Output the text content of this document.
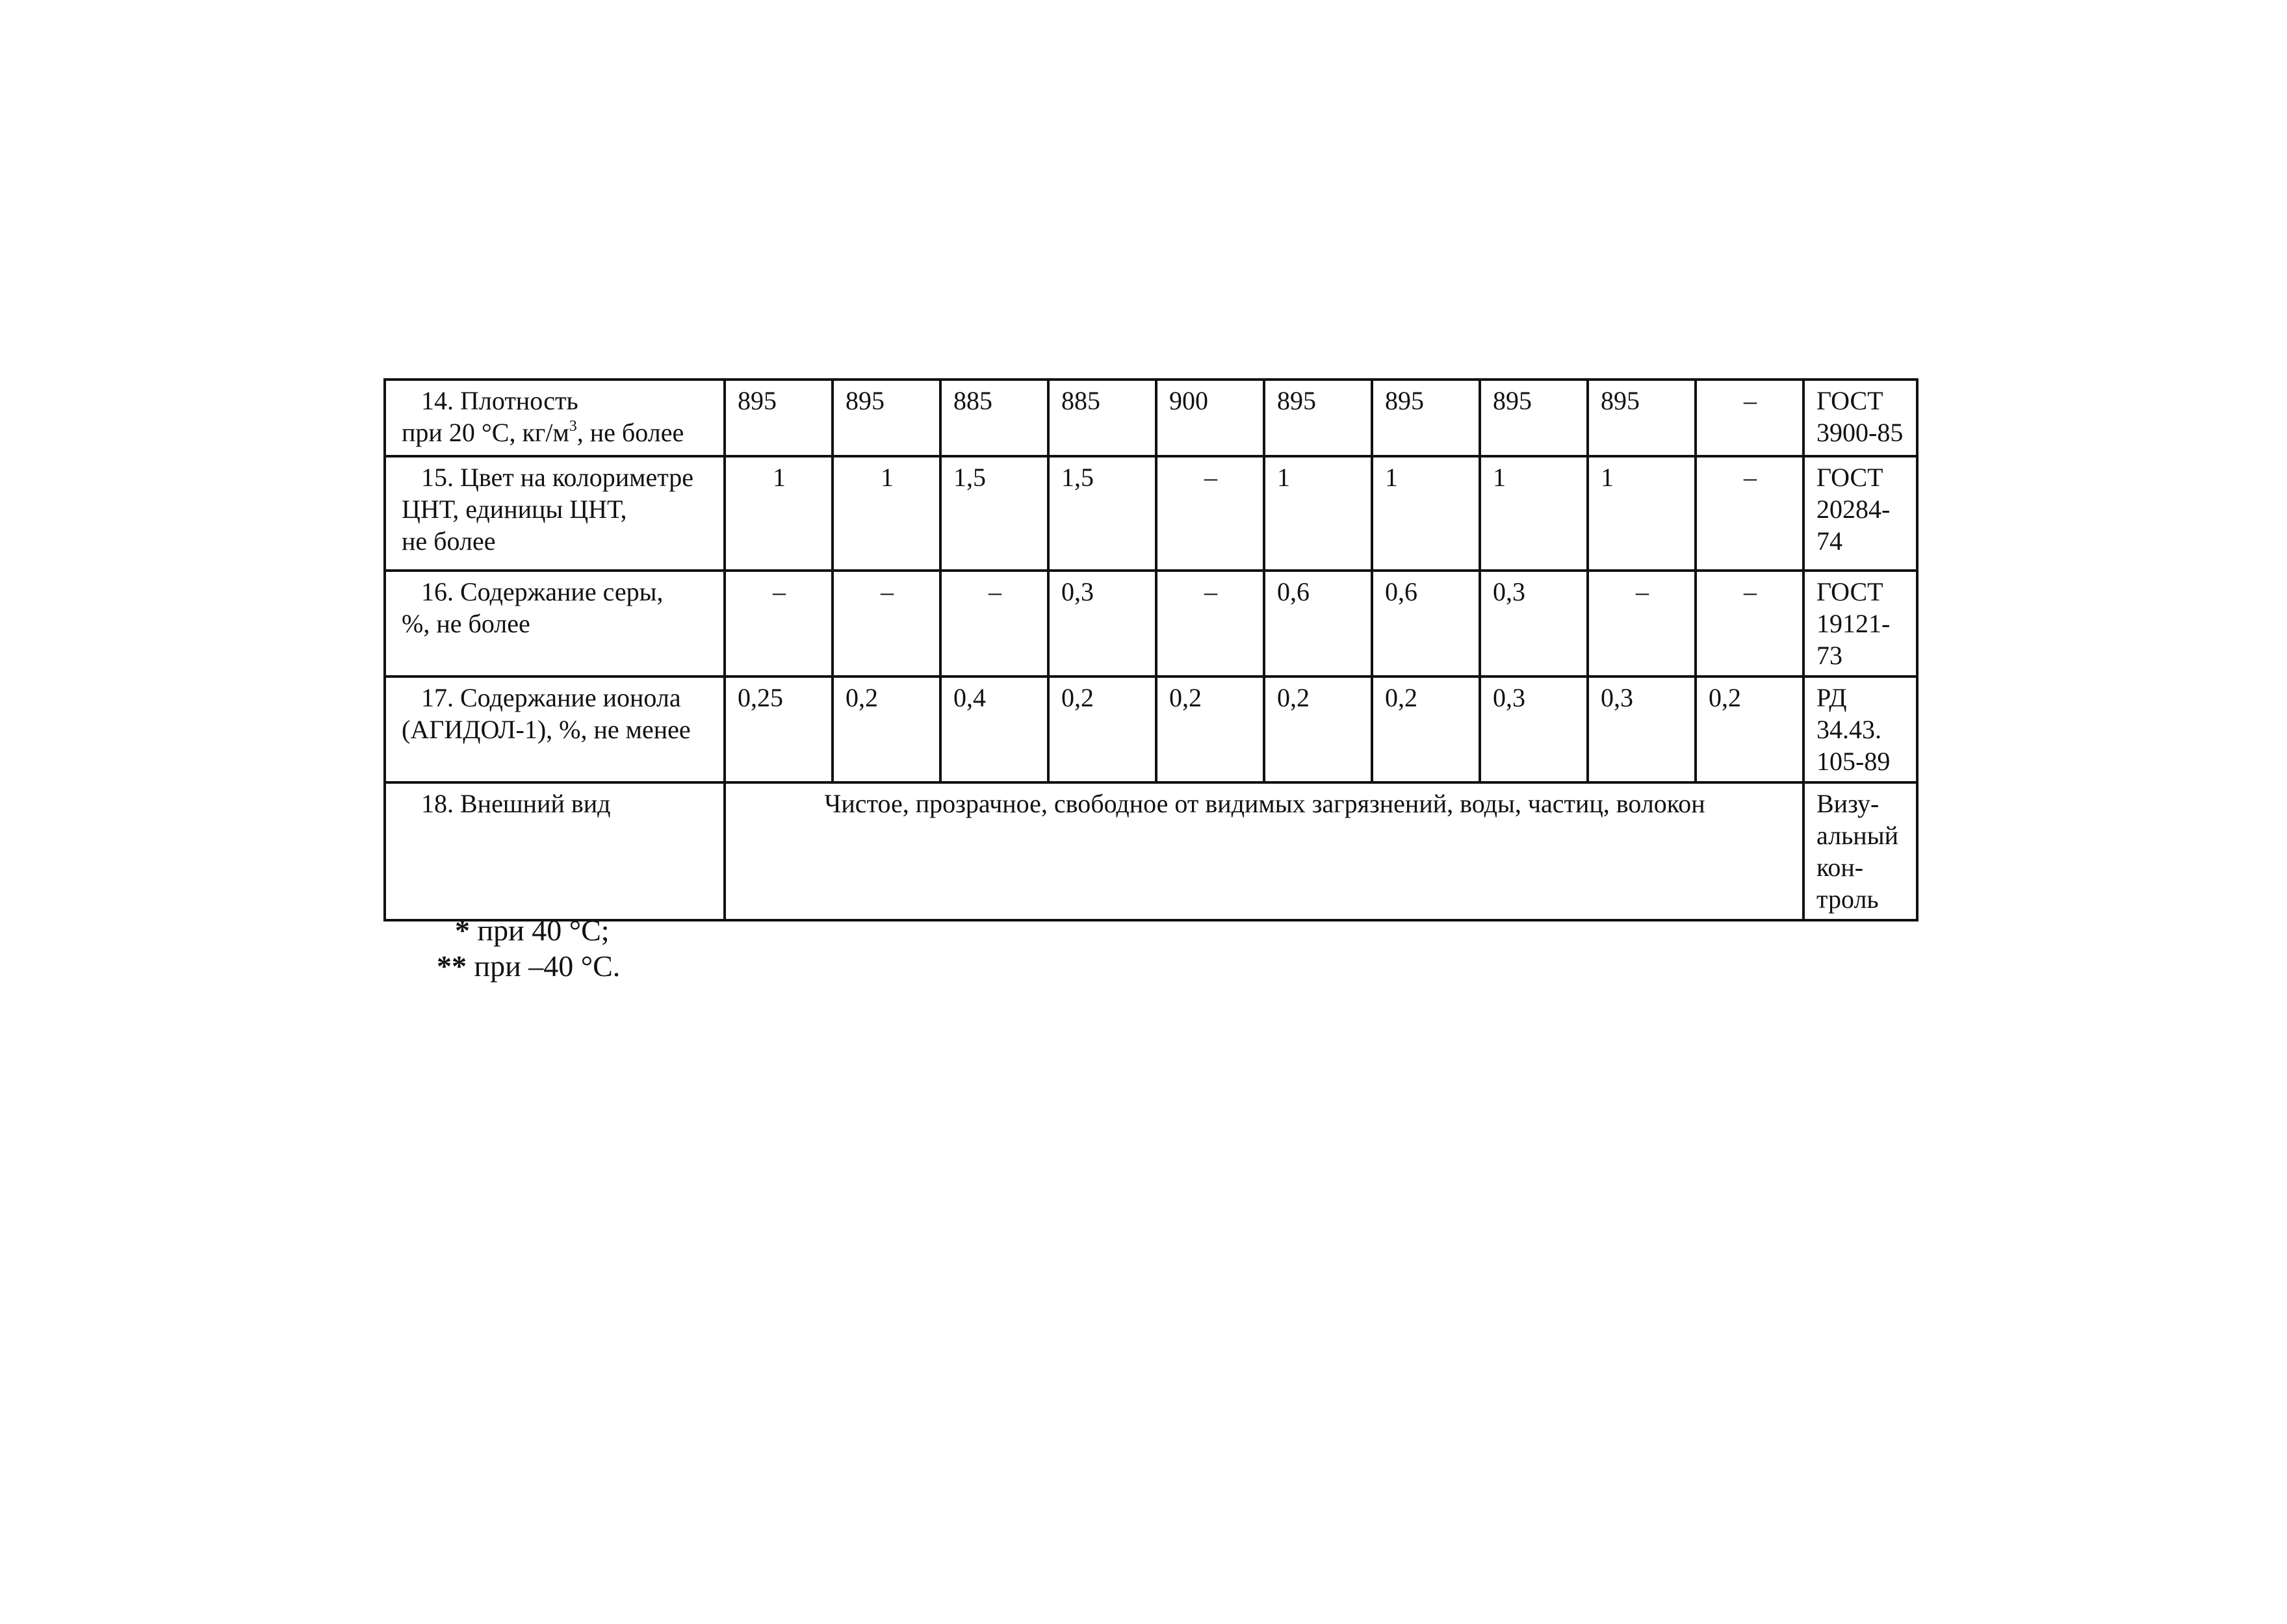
14. Плотность
при 20 °С, $кг/м^3$, не более	895	895	885	885	900	895	895	895	895	–	ГОСТ
3900-85

15. Цвет на колориметре
ЦНТ, единицы ЦНТ,
не более	1	1	1,5	1,5	–	1	1	1	1	–	ГОСТ
20284-
74

16. Содержание серы,
%, не более	–	–	–	0,3	–	0,6	0,6	0,3	–	–	ГОСТ
19121-
73

17. Содержание ионола
(АГИДОЛ-1), %, не менее	0,25	0,2	0,4	0,2	0,2	0,2	0,2	0,3	0,3	0,2	РД
34.43.
105-89

18. Внешний вид	Чистое, прозрачное, свободное от видимых загрязнений, воды, частиц, волокон										Визу-
альный
кон-
троль
* при 40 °С;
** при –40 °С.
